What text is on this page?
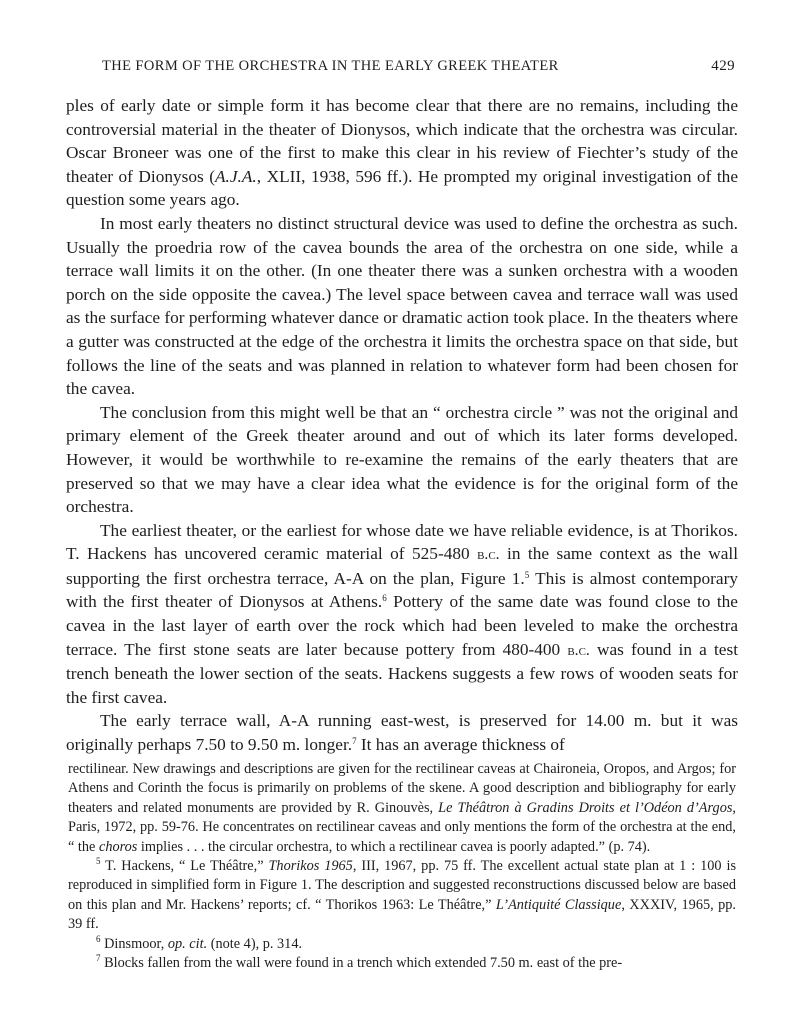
THE FORM OF THE ORCHESTRA IN THE EARLY GREEK THEATER	429

ples of early date or simple form it has become clear that there are no remains, including the controversial material in the theater of Dionysos, which indicate that the orchestra was circular. Oscar Broneer was one of the first to make this clear in his review of Fiechter’s study of the theater of Dionysos (A.J.A., XLII, 1938, 596 ff.). He prompted my original investigation of the question some years ago.

In most early theaters no distinct structural device was used to define the orchestra as such. Usually the proedria row of the cavea bounds the area of the orchestra on one side, while a terrace wall limits it on the other. (In one theater there was a sunken orchestra with a wooden porch on the side opposite the cavea.) The level space between cavea and terrace wall was used as the surface for performing whatever dance or dramatic action took place. In the theaters where a gutter was constructed at the edge of the orchestra it limits the orchestra space on that side, but follows the line of the seats and was planned in relation to whatever form had been chosen for the cavea.

The conclusion from this might well be that an “ orchestra circle ” was not the original and primary element of the Greek theater around and out of which its later forms developed. However, it would be worthwhile to re-examine the remains of the early theaters that are preserved so that we may have a clear idea what the evidence is for the original form of the orchestra.

The earliest theater, or the earliest for whose date we have reliable evidence, is at Thorikos. T. Hackens has uncovered ceramic material of 525-480 b.c. in the same context as the wall supporting the first orchestra terrace, A-A on the plan, Figure 1.$^5$ This is almost contemporary with the first theater of Dionysos at Athens.$^6$ Pottery of the same date was found close to the cavea in the last layer of earth over the rock which had been leveled to make the orchestra terrace. The first stone seats are later because pottery from 480-400 b.c. was found in a test trench beneath the lower section of the seats. Hackens suggests a few rows of wooden seats for the first cavea.

The early terrace wall, A-A running east-west, is preserved for 14.00 m. but it was originally perhaps 7.50 to 9.50 m. longer.$^7$ It has an average thickness of

rectilinear. New drawings and descriptions are given for the rectilinear caveas at Chaironeia, Oropos, and Argos; for Athens and Corinth the focus is primarily on problems of the skene. A good description and bibliography for early theaters and related monuments are provided by R. Ginouvès, Le Théâtron à Gradins Droits et l’Odéon d’Argos, Paris, 1972, pp. 59-76. He concentrates on rectilinear caveas and only mentions the form of the orchestra at the end, “ the choros implies . . . the circular orchestra, to which a rectilinear cavea is poorly adapted.” (p. 74).

$^5$ T. Hackens, “ Le Théâtre,” Thorikos 1965, III, 1967, pp. 75 ff. The excellent actual state plan at 1 : 100 is reproduced in simplified form in Figure 1. The description and suggested reconstructions discussed below are based on this plan and Mr. Hackens’ reports; cf. “ Thorikos 1963: Le Théâtre,” L’Antiquité Classique, XXXIV, 1965, pp. 39 ff.

$^6$ Dinsmoor, op. cit. (note 4), p. 314.

$^7$ Blocks fallen from the wall were found in a trench which extended 7.50 m. east of the pre-
